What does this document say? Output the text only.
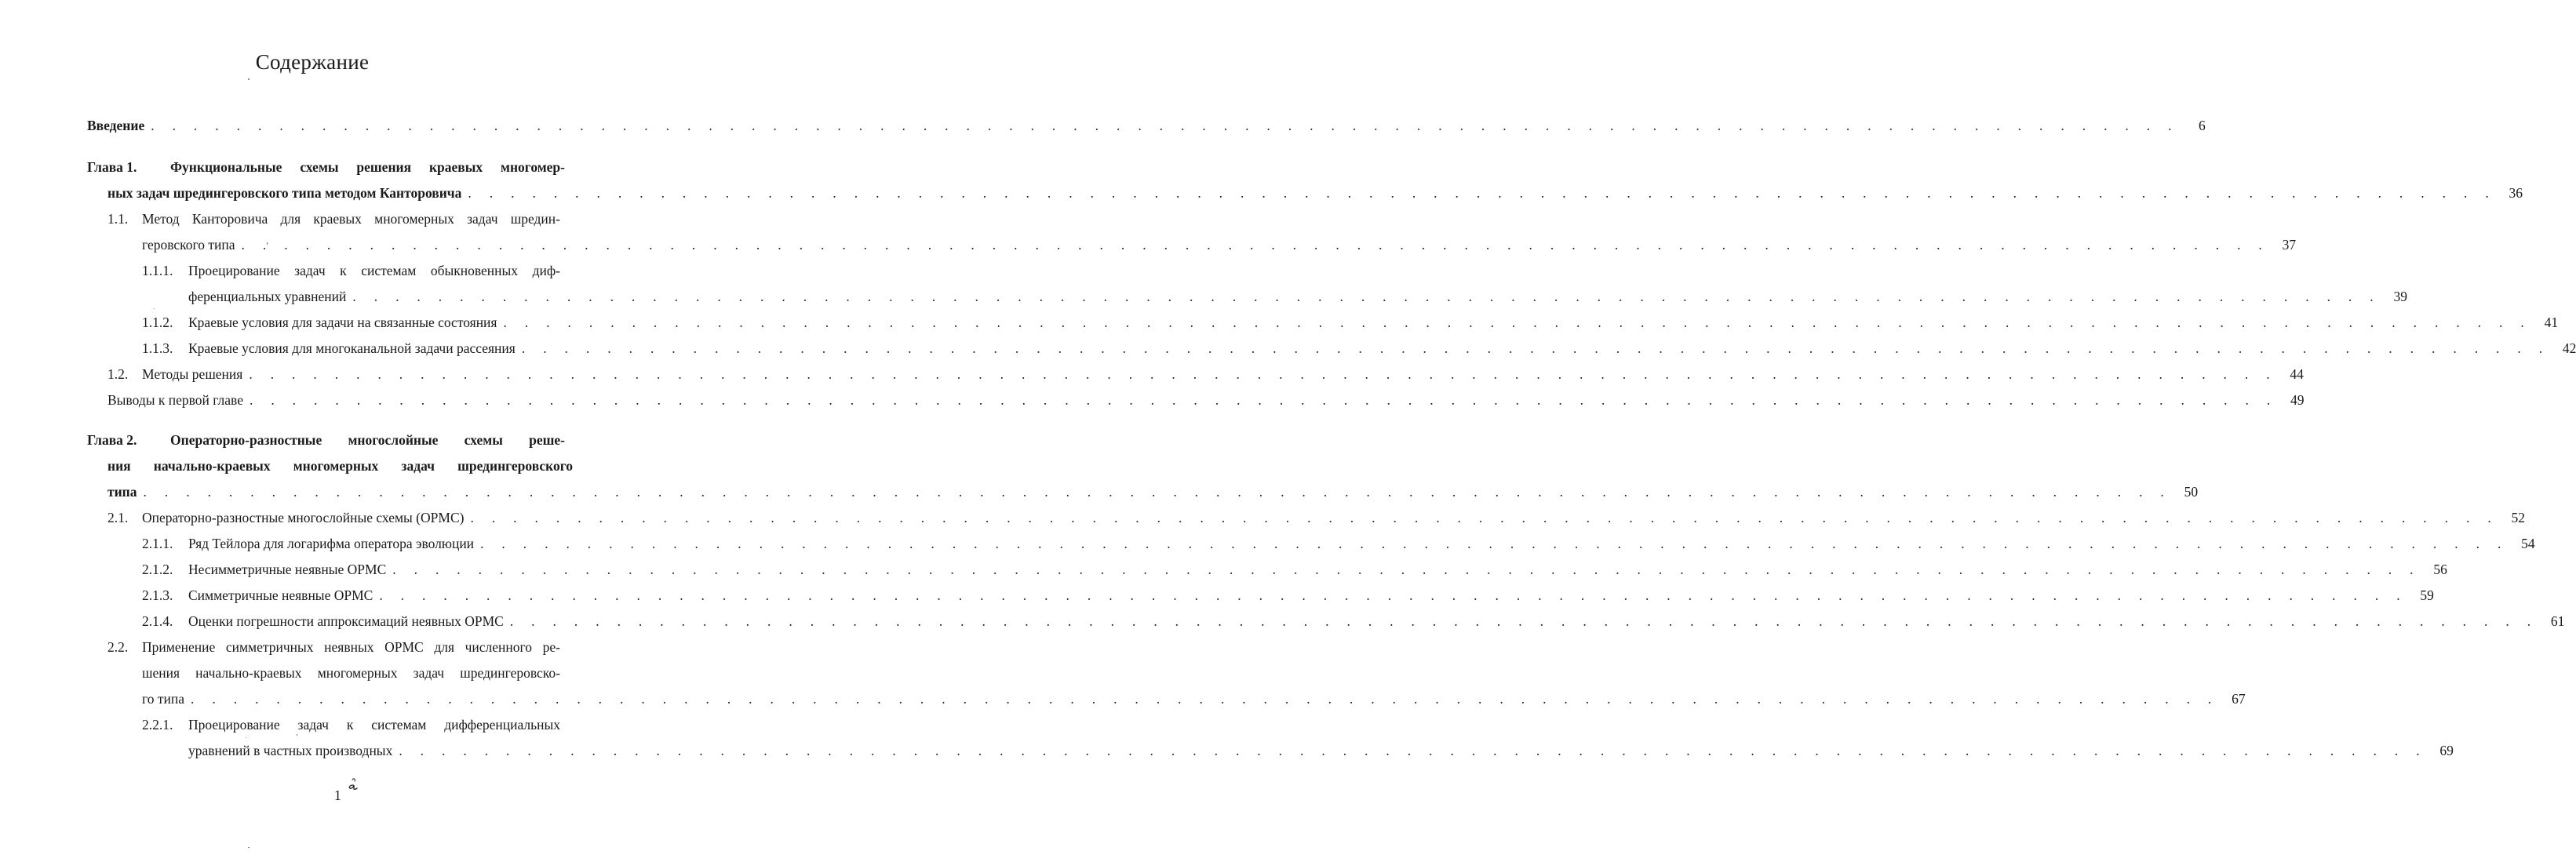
Содержание
Введение . . .	6
Глава 1.	Функциональные схемы решения краевых многомер-
ных задач шредингеровского типа методом Канторовича . . .	36
1.1.	Метод Канторовича для краевых многомерных задач шредин-
геровского типа . . .	37
1.1.1.	Проецирование задач к системам обыкновенных диф-
ференциальных уравнений . . .	39
1.1.2.	Краевые условия для задачи на связанные состояния . . .	41
1.1.3.	Краевые условия для многоканальной задачи рассеяния . . .	42
1.2.	Методы решения . . .	44
Выводы к первой главе . . .	49
Глава 2.	Операторно-разностные многослойные схемы реше-
ния начально-краевых многомерных задач шредингеровского
типа . . .	50
2.1.	Операторно-разностные многослойные схемы (ОРМС) . . .	52
2.1.1.	Ряд Тейлора для логарифма оператора эволюции . . .	54
2.1.2.	Несимметричные неявные ОРМС . . .	56
2.1.3.	Симметричные неявные ОРМС . . .	59
2.1.4.	Оценки погрешности аппроксимаций неявных ОРМС . . .	61
2.2.	Применение симметричных неявных ОРМС для численного ре-
шения начально-краевых многомерных задач шредингеровско-
го типа . . .	67
2.2.1.	Проецирование задач к системам дифференциальных
уравнений в частных производных . . .	69
1
